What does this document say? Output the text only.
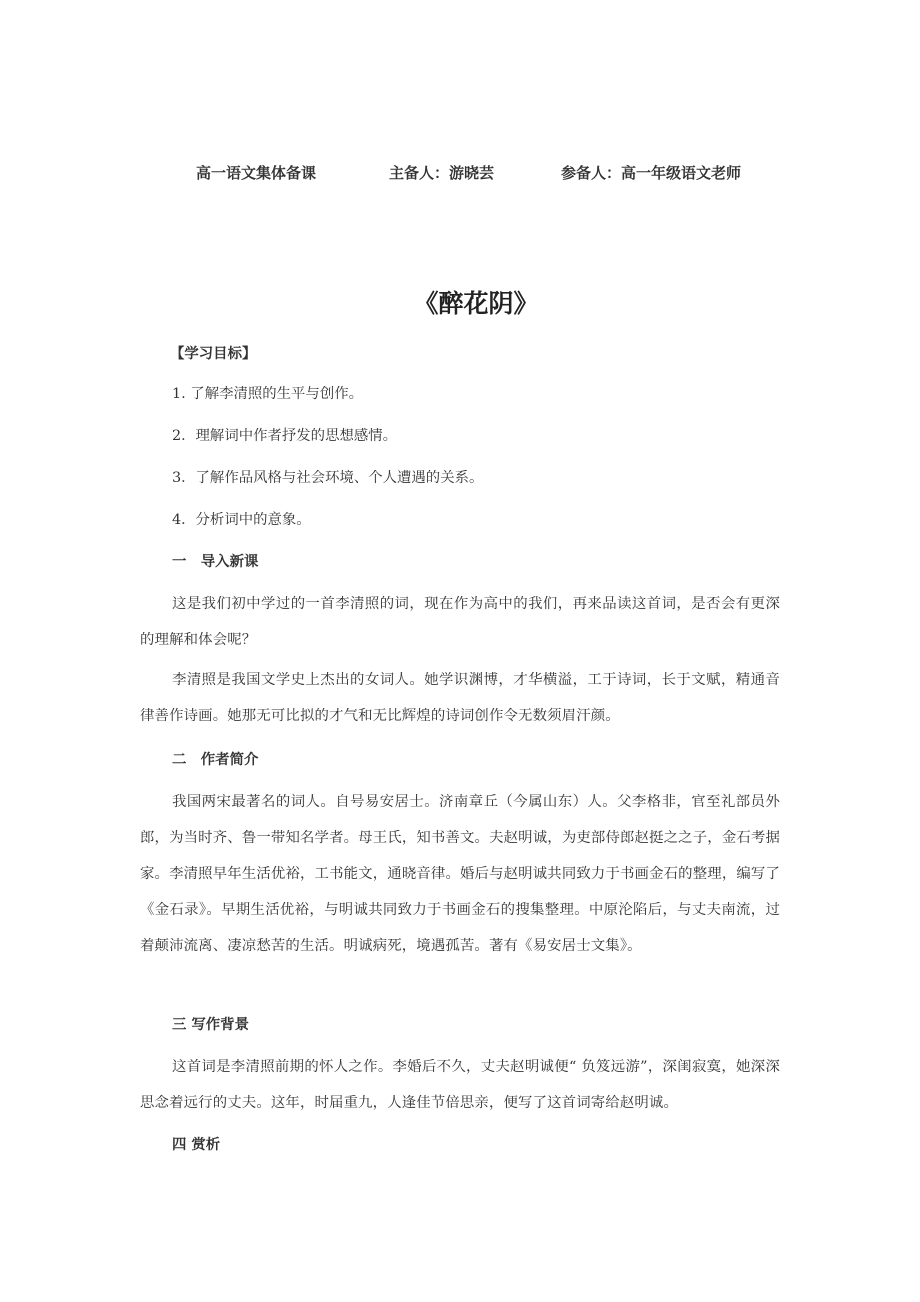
高一语文集体备课	主备人：游晓芸	参备人：高一年级语文老师
《醉花阴》
【学习目标】
1. 了解李清照的生平与创作。
2．理解词中作者抒发的思想感情。
3．了解作品风格与社会环境、个人遭遇的关系。
4．分析词中的意象。
一　导入新课

这是我们初中学过的一首李清照的词，现在作为高中的我们，再来品读这首词，是否会有更深的理解和体会呢？

李清照是我国文学史上杰出的女词人。她学识渊博，才华横溢，工于诗词，长于文赋，精通音律善作诗画。她那无可比拟的才气和无比辉煌的诗词创作令无数须眉汗颜。

二　作者简介

我国两宋最著名的词人。自号易安居士。济南章丘（今属山东）人。父李格非，官至礼部员外郎，为当时齐、鲁一带知名学者。母王氏，知书善文。夫赵明诚，为吏部侍郎赵挺之之子，金石考据家。李清照早年生活优裕，工书能文，通晓音律。婚后与赵明诚共同致力于书画金石的整理，编写了《金石录》。早期生活优裕，与明诚共同致力于书画金石的搜集整理。中原沦陷后，与丈夫南流，过着颠沛流离、凄凉愁苦的生活。明诚病死，境遇孤苦。著有《易安居士文集》。

三 写作背景

这首词是李清照前期的怀人之作。李婚后不久，丈夫赵明诚便“ 负笈远游”，深闺寂寞，她深深思念着远行的丈夫。这年，时届重九，人逢佳节倍思亲，便写了这首词寄给赵明诚。

四 赏析
